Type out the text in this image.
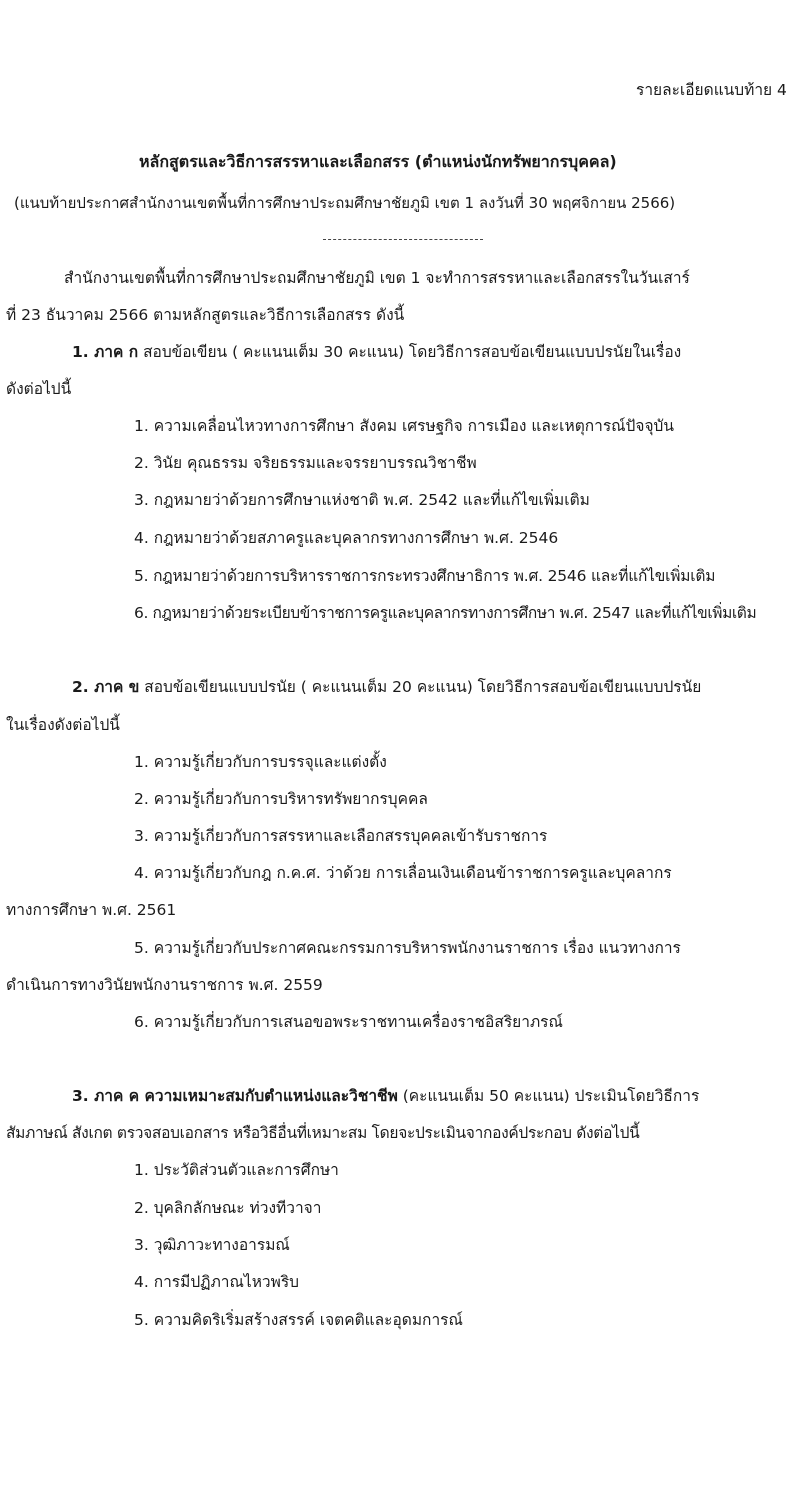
รายละเอียดแนบท้าย 4
หลักสูตรและวิธีการสรรหาและเลือกสรร (ตำแหน่งนักทรัพยากรบุคคล)
(แนบท้ายประกาศสำนักงานเขตพื้นที่การศึกษาประถมศึกษาชัยภูมิ เขต 1 ลงวันที่ 30 พฤศจิกายน 2566)
สำนักงานเขตพื้นที่การศึกษาประถมศึกษาชัยภูมิ เขต 1 จะทำการสรรหาและเลือกสรรในวันเสาร์
ที่ 23 ธันวาคม 2566 ตามหลักสูตรและวิธีการเลือกสรร ดังนี้
1. ภาค ก สอบข้อเขียน ( คะแนนเต็ม 30 คะแนน) โดยวิธีการสอบข้อเขียนแบบปรนัยในเรื่อง
ดังต่อไปนี้
1. ความเคลื่อนไหวทางการศึกษา สังคม เศรษฐกิจ การเมือง และเหตุการณ์ปัจจุบัน
2. วินัย คุณธรรม จริยธรรมและจรรยาบรรณวิชาชีพ
3. กฎหมายว่าด้วยการศึกษาแห่งชาติ พ.ศ. 2542 และที่แก้ไขเพิ่มเติม
4. กฎหมายว่าด้วยสภาครูและบุคลากรทางการศึกษา พ.ศ. 2546
5. กฎหมายว่าด้วยการบริหารราชการกระทรวงศึกษาธิการ พ.ศ. 2546 และที่แก้ไขเพิ่มเติม
6. กฎหมายว่าด้วยระเบียบข้าราชการครูและบุคลากรทางการศึกษา พ.ศ. 2547 และที่แก้ไขเพิ่มเติม
2. ภาค ข สอบข้อเขียนแบบปรนัย ( คะแนนเต็ม 20 คะแนน) โดยวิธีการสอบข้อเขียนแบบปรนัย
ในเรื่องดังต่อไปนี้
1. ความรู้เกี่ยวกับการบรรจุและแต่งตั้ง
2. ความรู้เกี่ยวกับการบริหารทรัพยากรบุคคล
3. ความรู้เกี่ยวกับการสรรหาและเลือกสรรบุคคลเข้ารับราชการ
4. ความรู้เกี่ยวกับกฎ ก.ค.ศ. ว่าด้วย การเลื่อนเงินเดือนข้าราชการครูและบุคลากร
ทางการศึกษา พ.ศ. 2561
5. ความรู้เกี่ยวกับประกาศคณะกรรมการบริหารพนักงานราชการ เรื่อง แนวทางการ
ดำเนินการทางวินัยพนักงานราชการ พ.ศ. 2559
6. ความรู้เกี่ยวกับการเสนอขอพระราชทานเครื่องราชอิสริยาภรณ์
3. ภาค ค ความเหมาะสมกับตำแหน่งและวิชาชีพ (คะแนนเต็ม 50 คะแนน) ประเมินโดยวิธีการ
สัมภาษณ์ สังเกต ตรวจสอบเอกสาร หรือวิธีอื่นที่เหมาะสม โดยจะประเมินจากองค์ประกอบ ดังต่อไปนี้
1. ประวัติส่วนตัวและการศึกษา
2. บุคลิกลักษณะ ท่วงทีวาจา
3. วุฒิภาวะทางอารมณ์
4. การมีปฏิภาณไหวพริบ
5. ความคิดริเริ่มสร้างสรรค์ เจตคติและอุดมการณ์
